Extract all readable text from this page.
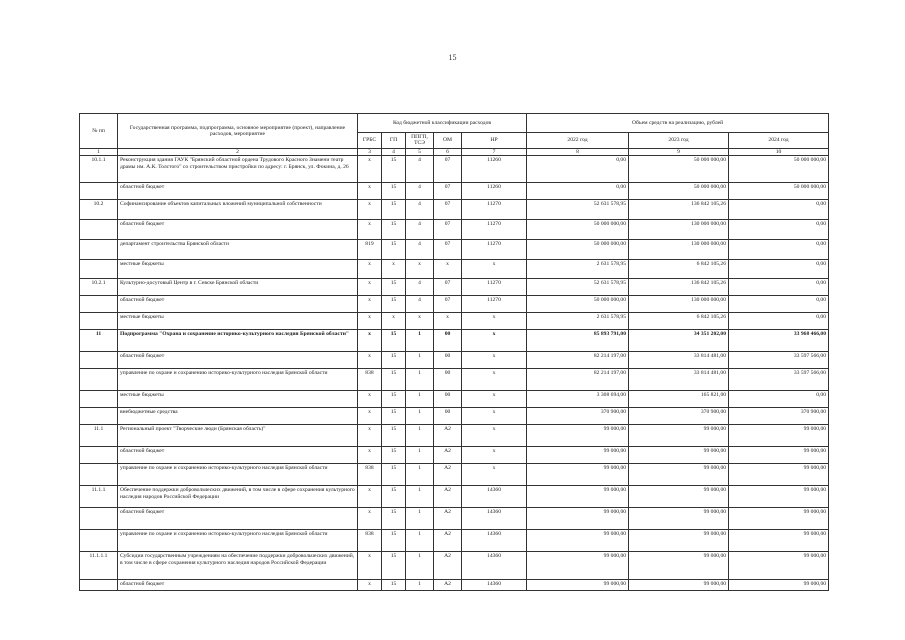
15
№ пп	Государственная программа, подпрограмма, основное мероприятие (проект), направление расходов, мероприятие	Код бюджетной классификации расходов					Объем средств на реализацию, рублей		
		ГРБС	ГП	ППГП, ТСЭ	ОМ	НР	2022 год	2023 год	2024 год
1	2	3	4	5	6	7	8	9	10
10.1.1	Реконструкция здания ГАУК "Брянский областной ордена Трудового Красного Знамени театр драмы им. А.К. Толстого" со строительством пристройки по адресу: г. Брянск, ул. Фокина, д. 26	x	15	4	07	11260	0,00	50 000 000,00	50 000 000,00
	областной бюджет	x	15	4	07	11260	0,00	50 000 000,00	50 000 000,00
10.2	Софинансирование объектов капитальных вложений муниципальной собственности	x	15	4	07	11270	52 631 578,95	136 842 105,26	0,00
	областной бюджет	x	15	4	07	11270	50 000 000,00	130 000 000,00	0,00
	департамент строительства Брянской области	819	15	4	07	11270	50 000 000,00	130 000 000,00	0,00
	местные бюджеты	x	x	x	x	x	2 631 578,95	6 842 105,26	0,00
10.2.1	Культурно-досуговый Центр в г. Севске Брянской области	x	15	4	07	11270	52 631 578,95	136 842 105,26	0,00
	областной бюджет	x	15	4	07	11270	50 000 000,00	130 000 000,00	0,00
	местные бюджеты	x	x	x	x	x	2 631 578,95	6 842 105,26	0,00
11	Подпрограмма "Охрана и сохранение историко-культурного наследия Брянской области"	x	15	1	00	x	85 893 791,00	34 351 202,00	33 968 466,00
	областной бюджет	x	15	1	00	x	82 214 197,00	33 814 481,00	33 597 566,00
	управление по охране и сохранению историко-культурного наследия Брянской области	838	15	1	00	x	82 214 197,00	33 814 481,00	33 597 566,00
	местные бюджеты	x	15	1	00	x	3 308 694,00	165 821,00	0,00
	внебюджетные средства	x	15	1	00	x	370 900,00	370 900,00	370 900,00
11.1	Региональный проект "Творческие люди (Брянская область)"	x	15	1	A2	x	99 000,00	99 000,00	99 000,00
	областной бюджет	x	15	1	A2	x	99 000,00	99 000,00	99 000,00
	управление по охране и сохранению историко-культурного наследия Брянской области	838	15	1	A2	x	99 000,00	99 000,00	99 000,00
11.1.1	Обеспечение поддержки добровольческих движений, в том числе в сфере сохранения культурного наследия народов Российской Федерации	x	15	1	A2	14360	99 000,00	99 000,00	99 000,00
	областной бюджет	x	15	1	A2	14360	99 000,00	99 000,00	99 000,00
	управление по охране и сохранению историко-культурного наследия Брянской области	838	15	1	A2	14360	99 000,00	99 000,00	99 000,00
11.1.1.1	Субсидии государственным учреждениям на обеспечение поддержки добровольческих движений, в том числе в сфере сохранения культурного наследия народов Российской Федерации	x	15	1	A2	14360	99 000,00	99 000,00	99 000,00
	областной бюджет	x	15	1	A2	14360	99 000,00	99 000,00	99 000,00
